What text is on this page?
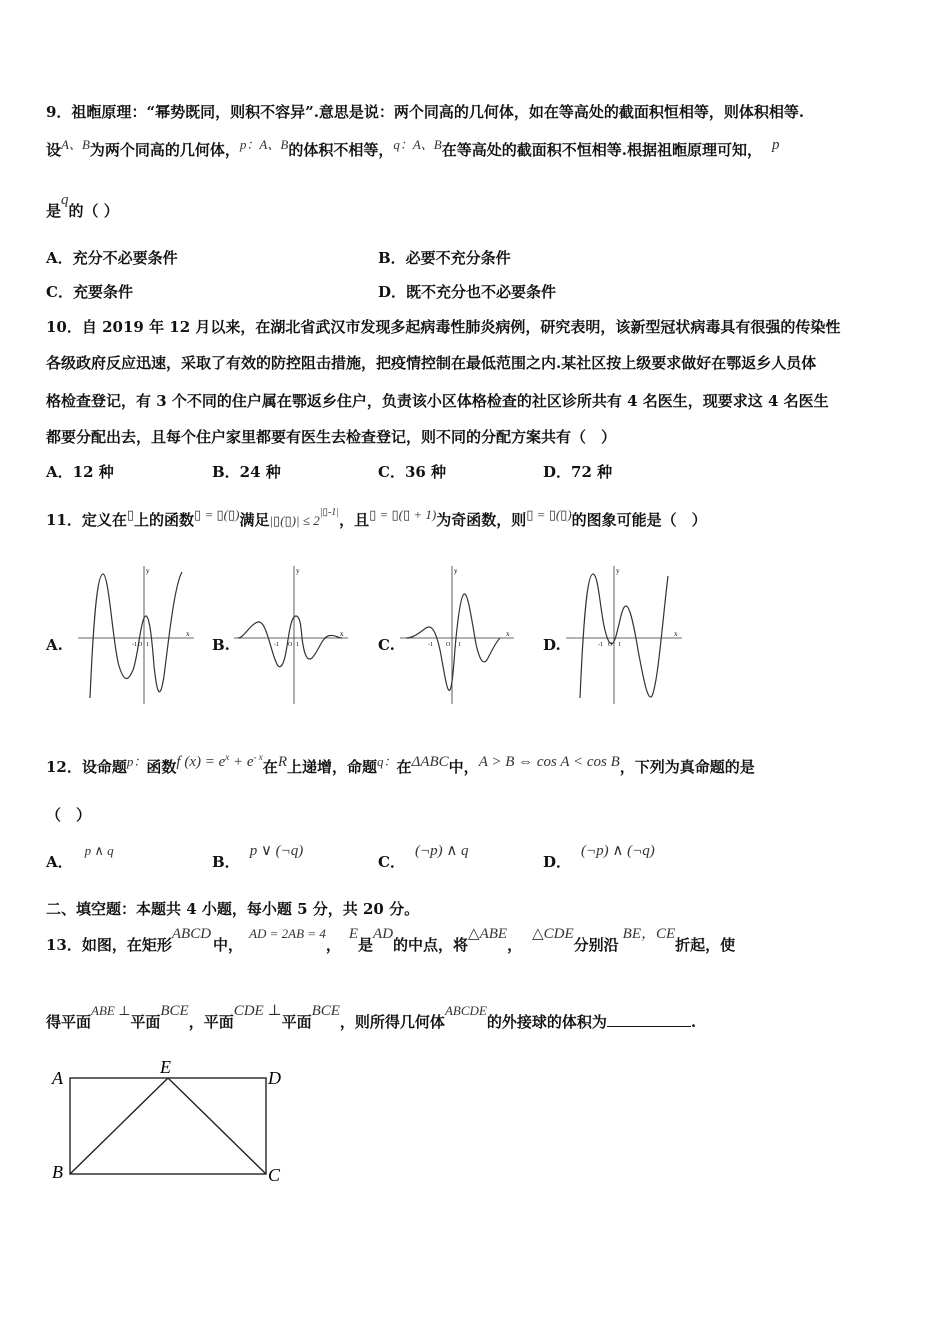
9．祖暅原理：“幂势既同，则积不容异”.意思是说：两个同高的几何体，如在等高处的截面积恒相等，则体积相等.
设A、B为两个同高的几何体，p：A、B的体积不相等，q：A、B在等高处的截面积不恒相等.根据祖暅原理可知， p
是q的（ ）
A．充分不必要条件	B．必要不充分条件
C．充要条件	D．既不充分也不必要条件
10．自 2019 年 12 月以来，在湖北省武汉市发现多起病毒性肺炎病例，研究表明，该新型冠状病毒具有很强的传染性
各级政府反应迅速，采取了有效的防控阻击措施，把疫情控制在最低范围之内.某社区按上级要求做好在鄂返乡人员体
格检查登记，有 3 个不同的住户属在鄂返乡住户，负责该小区体格检查的社区诊所共有 4 名医生，现要求这 4 名医生
都要分配出去，且每个住户家里都要有医生去检查登记，则不同的分配方案共有（　）
A．12 种	B．24 种	C．36 种	D．72 种
11．定义在▯上的函数▯ = ▯(▯)满足|▯(▯)| ≤ $2^{|▯-1|}$，且▯ = ▯(▯ + 1)为奇函数，则▯ = ▯(▯)的图象可能是（　）
A.	B.	C.	D.
x
y
-1 O 1
x
y
-1 O 1
x
y
-1 O 1
x
y
-1 O 1
12．设命题p：函数f $(x) = e^x + e^{- x}$在R上递增，命题q：在ΔABC中，A > B ⇔ cos A < cos B，下列为真命题的是
（　）
A．p ∧ q
B．p ∨ (¬q)
C．(¬p) ∧ q
D．(¬p) ∧ (¬q)
二、填空题：本题共 4 小题，每小题 5 分，共 20 分。
13．如图，在矩形ABCD中，AD = 2AB = 4，E是AD的中点，将△ABE，△CDE分别沿BE，CE折起，使
得平面ABE ⊥平面BCE，平面CDE ⊥平面BCE，则所得几何体ABCDE的外接球的体积为	.
A
E
D
B	C
